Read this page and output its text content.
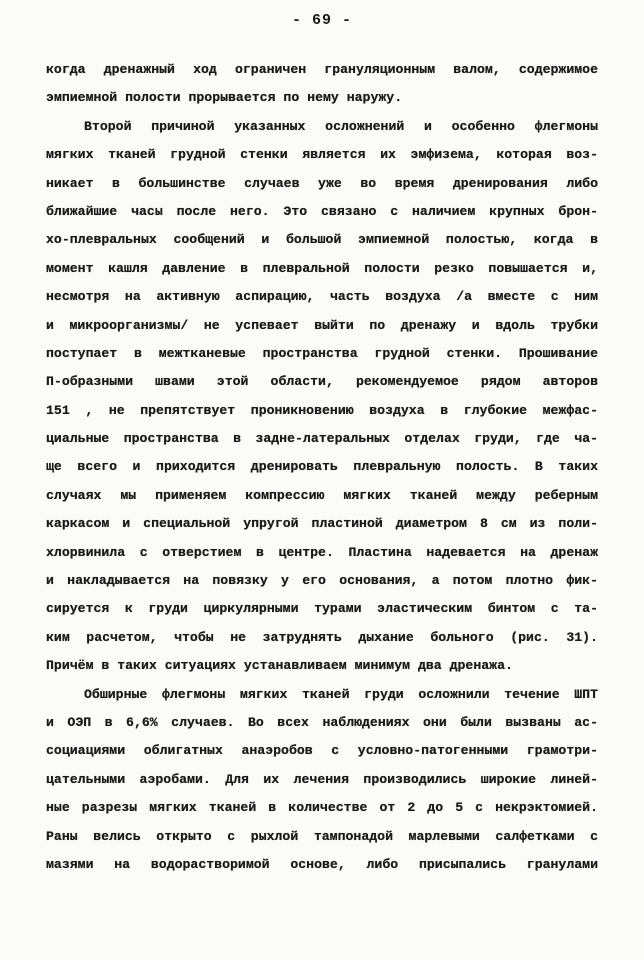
- 69 -
когда дренажный ход ограничен грануляционным валом, содержимое
эмпиемной полости прорывается по нему наружу.
Второй причиной указанных осложнений и особенно флегмоны
мягких тканей грудной стенки является их эмфизема, которая воз-
никает в большинстве случаев уже во время дренирования либо
ближайшие часы после него. Это связано с наличием крупных брон-
хо-плевральных сообщений и большой эмпиемной полостью, когда в
момент кашля давление в плевральной полости резко повышается и,
несмотря на активную аспирацию, часть воздуха /а вместе с ним
и микроорганизмы/ не успевает выйти по дренажу и вдоль трубки
поступает в межтканевые пространства грудной стенки. Прошивание
П-образными швами этой области, рекомендуемое рядом авторов
151 , не препятствует проникновению воздуха в глубокие межфас-
циальные пространства в задне-латеральных отделах груди, где ча-
ще всего и приходится дренировать плевральную полость. В таких
случаях мы применяем компрессию мягких тканей между реберным
каркасом и специальной упругой пластиной диаметром 8 см из поли-
хлорвинила с отверстием в центре. Пластина надевается на дренаж
и накладывается на повязку у его основания, а потом плотно фик-
сируется к груди циркулярными турами эластическим бинтом с та-
ким расчетом, чтобы не затруднять дыхание больного (рис. 31).
Причём в таких ситуациях устанавливаем минимум два дренажа.
Обширные флегмоны мягких тканей груди осложнили течение ШПТ
и ОЭП в 6,6% случаев. Во всех наблюдениях они были вызваны ас-
социациями облигатных анаэробов с условно-патогенными грамотри-
цательными аэробами. Для их лечения производились широкие линей-
ные разрезы мягких тканей в количестве от 2 до 5 с некрэктомией.
Раны велись открыто с рыхлой тампонадой марлевыми салфетками с
мазями на водорастворимой основе, либо присыпались гранулами
